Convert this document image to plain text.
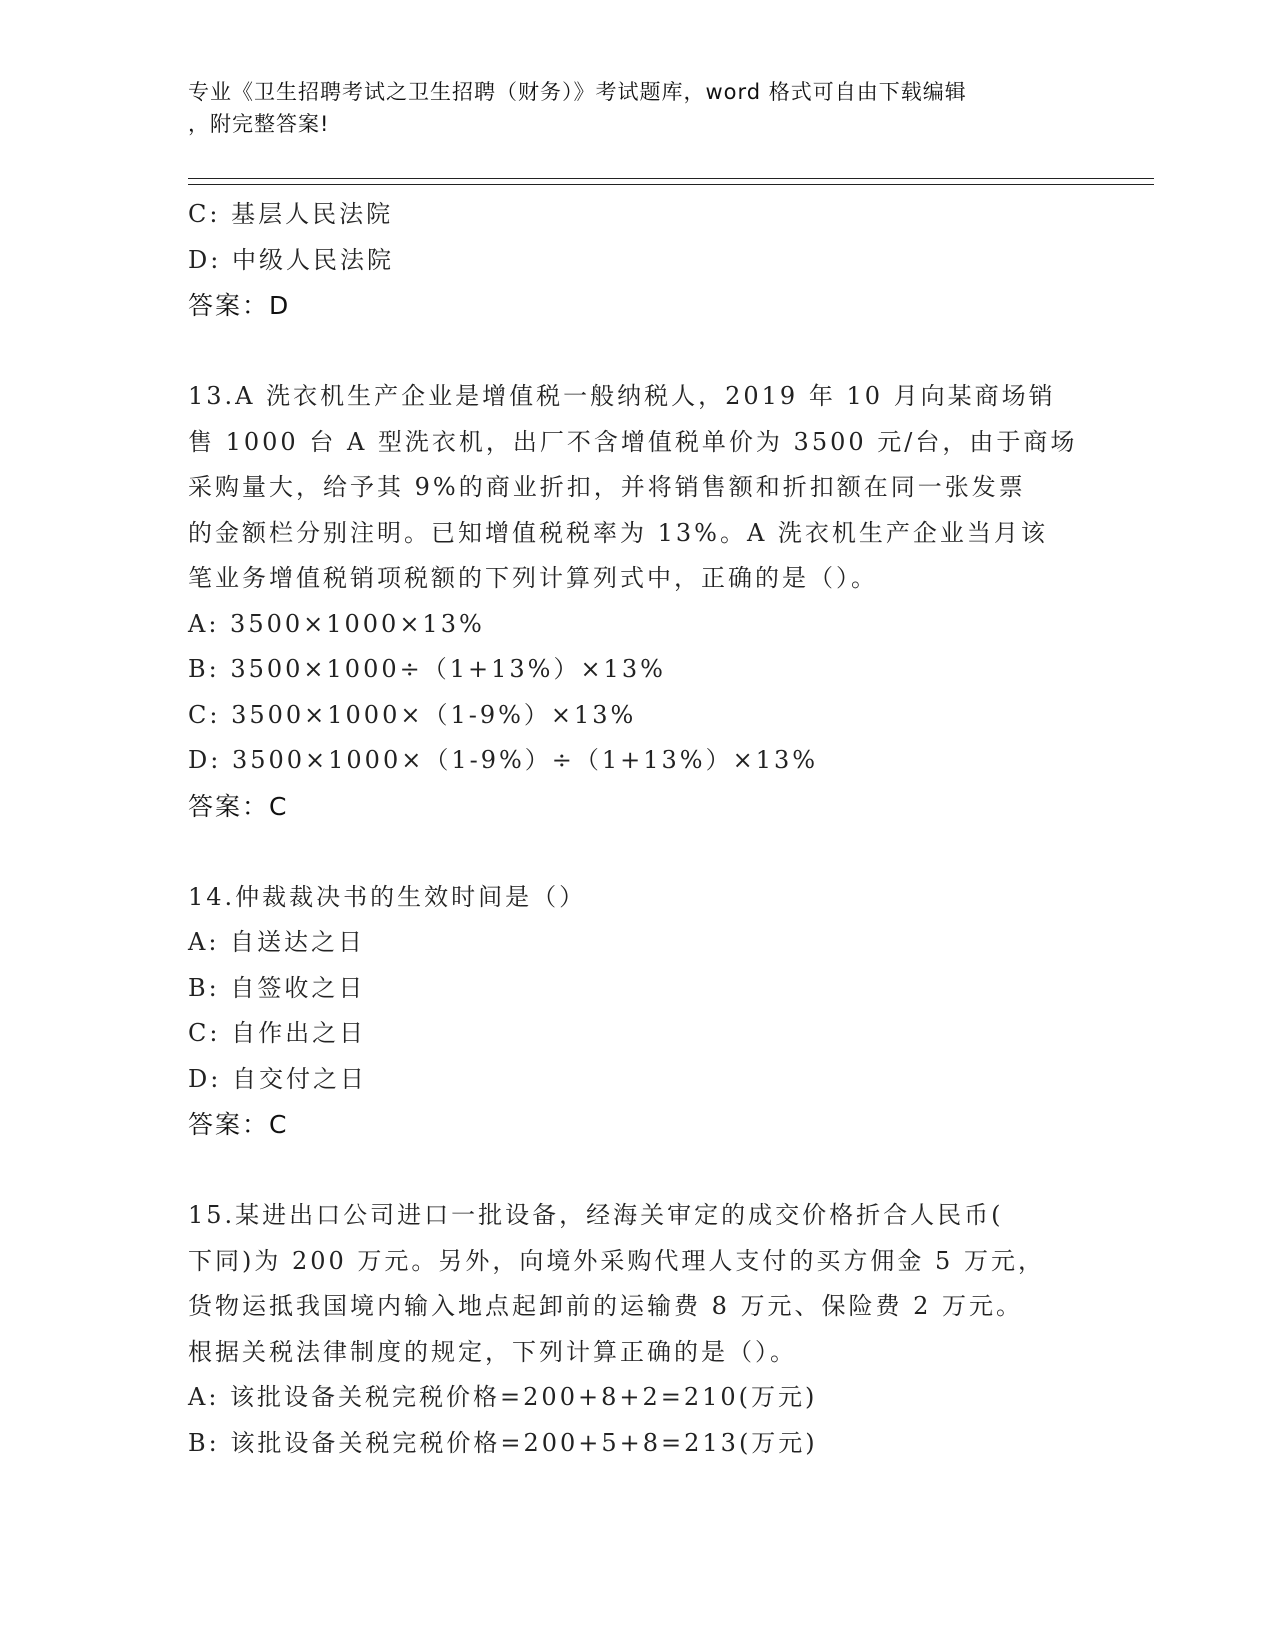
专业《卫生招聘考试之卫生招聘（财务）》考试题库，word 格式可自由下载编辑
，附完整答案!
C: 基层人民法院
D: 中级人民法院
答案：D
13.A 洗衣机生产企业是增值税一般纳税人，2019 年 10 月向某商场销
售 1000 台 A 型洗衣机，出厂不含增值税单价为 3500 元/台，由于商场
采购量大，给予其 9%的商业折扣，并将销售额和折扣额在同一张发票
的金额栏分别注明。已知增值税税率为 13%。A 洗衣机生产企业当月该
笔业务增值税销项税额的下列计算列式中，正确的是（）。
A: 3500×1000×13%
B: 3500×1000÷（1+13%）×13%
C: 3500×1000×（1-9%）×13%
D: 3500×1000×（1-9%）÷（1+13%）×13%
答案：C
14.仲裁裁决书的生效时间是（）
A: 自送达之日
B: 自签收之日
C: 自作出之日
D: 自交付之日
答案：C
15.某进出口公司进口一批设备，经海关审定的成交价格折合人民币(
下同)为 200 万元。另外，向境外采购代理人支付的买方佣金 5 万元，
货物运抵我国境内输入地点起卸前的运输费 8 万元、保险费 2 万元。
根据关税法律制度的规定，下列计算正确的是（）。
A: 该批设备关税完税价格=200+8+2=210(万元)
B: 该批设备关税完税价格=200+5+8=213(万元)
